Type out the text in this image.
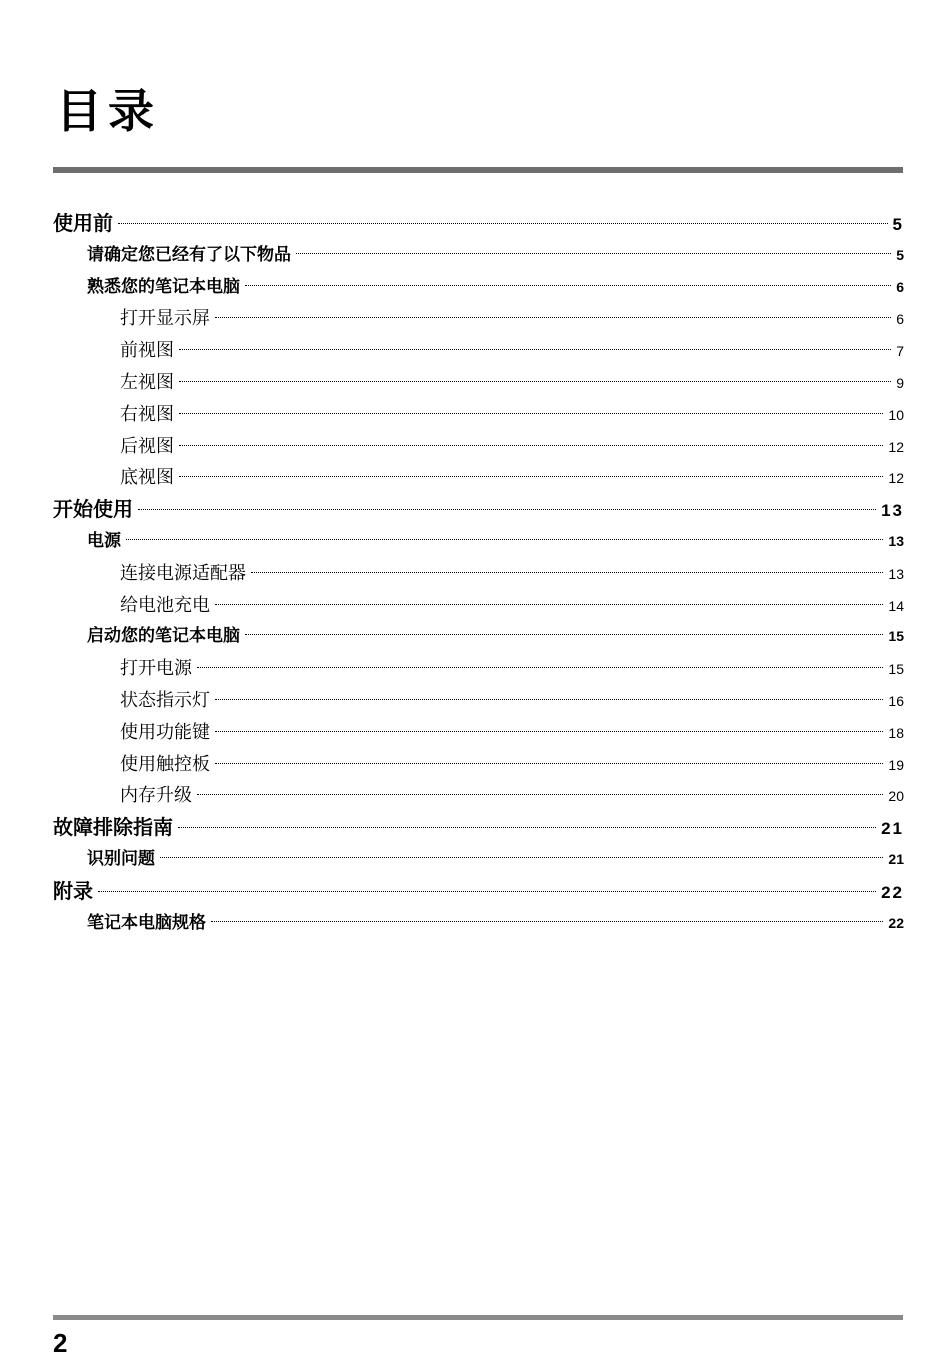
目录
使用前	5
请确定您已经有了以下物品	5
熟悉您的笔记本电脑	6
打开显示屏	6
前视图	7
左视图	9
右视图	10
后视图	12
底视图	12
开始使用	13
电源	13
连接电源适配器	13
给电池充电	14
启动您的笔记本电脑	15
打开电源	15
状态指示灯	16
使用功能键	18
使用触控板	19
内存升级	20
故障排除指南	21
识别问题	21
附录	22
笔记本电脑规格	22
2
